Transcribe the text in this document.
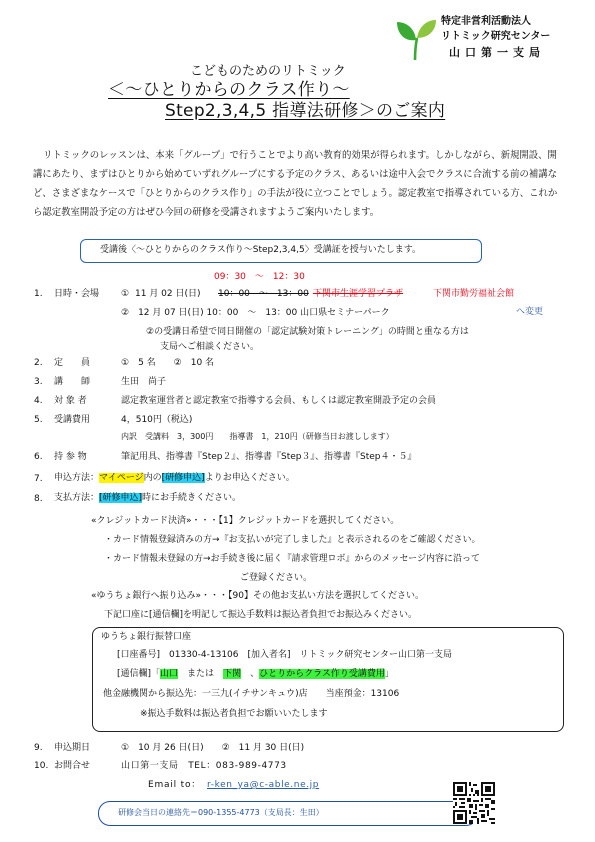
特定非営利活動法人
リトミック研究センター
山口第一支局
こどものためのリトミック
＜～ひとりからのクラス作り～
Step2,3,4,5 指導法研修＞のご案内
リトミックのレッスンは、本来「グループ」で行うことでより高い教育的効果が得られます。しかしながら、新規開設、開講にあたり、まずはひとりから始めていずれグループにする予定のクラス、あるいは途中入会でクラスに合流する前の補講など、さまざまなケースで「ひとりからのクラス作り」の手法が役に立つことでしょう。認定教室で指導されている方、これから認定教室開設予定の方はぜひ今回の研修を受講されますようご案内いたします。
受講後〈～ひとりからのクラス作り～Step2,3,4,5〉受講証を授与いたします。
09：30　～　12：30
1. 日時・会場 ① 11 月 02 日(日) 10：00　～　13：00 下関市生涯学習プラザ	下関市勤労福祉会館
②　12 月 07 日(日) 10：00　～　13：00 山口県セミナーパーク	へ変更
②の受講日希望で同日開催の「認定試験対策トレーニング」の時間と重なる方は
支局へご相談ください。
2. 定　　員	①　5 名　　②　10 名
3. 講　　師	生田　尚子
4. 対 象 者	認定教室運営者と認定教室で指導する会員、もしくは認定教室開設予定の会員
5. 受講費用	4，510円（税込)
内訳　受講料　3，300円　　指導書　1，210円（研修当日お渡しします）
6. 持 参 物	筆記用具、指導書『Step２』、指導書『Step３』、指導書『Step４・５』
7. 申込方法：マイページ内の[研修申込]よりお申込ください。
8. 支払方法：[研修申込]時にお手続きください。
«クレジットカード決済»・・・【1】クレジットカードを選択してください。
・カード情報登録済みの方→『お支払いが完了しました』と表示されるのをご確認ください。
・カード情報未登録の方→お手続き後に届く『請求管理ロボ』からのメッセージ内容に沿って
ご登録ください。
«ゆうちょ銀行へ振り込み»・・・【90】その他お支払い方法を選択してください。
下記口座に[通信欄]を明記して振込手数料は振込者負担でお振込みください。
ゆうちょ銀行振替口座
[口座番号]　01330-4-13106　[加入者名]　リトミック研究センター山口第一支局
[通信欄]「山口　または　下関　、ひとりからクラス作り受講費用」
他金融機関から振込先：一三九(イチサンキュウ)店　　当座預金：13106
※振込手数料は振込者負担でお願いいたします
9. 申込期日	①　10 月 26 日(日)　　②　11 月 30 日(日)
10. お問合せ	山口第一支局　TEL：083-989-4773
Email to： r-ken_ya@c-able.ne.jp
研修会当日の連絡先＝090-1355-4773（支局長：生田）
